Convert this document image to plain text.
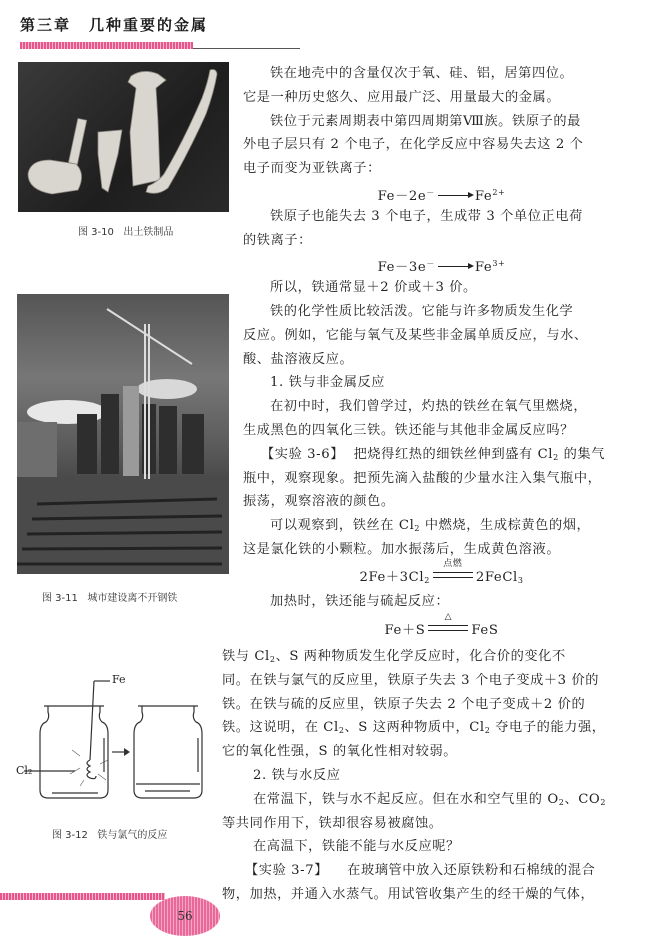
第三章 几种重要的金属
图 3-10 出土铁制品
图 3-11 城市建设离不开钢铁
Fe
Cl₂
图 3-12 铁与氯气的反应
铁在地壳中的含量仅次于氧、硅、铝，居第四位。
它是一种历史悠久、应用最广泛、用量最大的金属。
铁位于元素周期表中第四周期第Ⅷ族。铁原子的最
外电子层只有 2 个电子，在化学反应中容易失去这 2 个
电子而变为亚铁离子：
Fe－2e－	$Fe^{2+}$
铁原子也能失去 3 个电子，生成带 3 个单位正电荷
的铁离子：
Fe－3e－	$Fe^{3+}$
所以，铁通常显＋2 价或＋3 价。
铁的化学性质比较活泼。它能与许多物质发生化学
反应。例如，它能与氧气及某些非金属单质反应，与水、
酸、盐溶液反应。
1. 铁与非金属反应
在初中时，我们曾学过，灼热的铁丝在氧气里燃烧，
生成黑色的四氧化三铁。铁还能与其他非金属反应吗？
【实验 3-6】 把烧得红热的细铁丝伸到盛有 $Cl_2$ 的集气
瓶中，观察现象。把预先滴入盐酸的少量水注入集气瓶中，
振荡，观察溶液的颜色。
可以观察到，铁丝在 $Cl_2$ 中燃烧，生成棕黄色的烟，
这是氯化铁的小颗粒。加水振荡后，生成黄色溶液。
$2Fe+3Cl_2$
点燃
2FeCl$_3$
加热时，铁还能与硫起反应：
Fe＋S
△
FeS
铁与 $Cl_2$、S 两种物质发生化学反应时，化合价的变化不
同。在铁与氯气的反应里，铁原子失去 3 个电子变成＋3 价的
铁。在铁与硫的反应里，铁原子失去 2 个电子变成＋2 价的
铁。这说明，在 $Cl_2$、S 这两种物质中，$Cl_2$ 夺电子的能力强，
它的氧化性强，S 的氧化性相对较弱。
2. 铁与水反应
在常温下，铁与水不起反应。但在水和空气里的 $O_2$、$CO_2$
等共同作用下，铁却很容易被腐蚀。
在高温下，铁能不能与水反应呢？
【实验 3-7】 在玻璃管中放入还原铁粉和石棉绒的混合
物，加热，并通入水蒸气。用试管收集产生的经干燥的气体，
56
